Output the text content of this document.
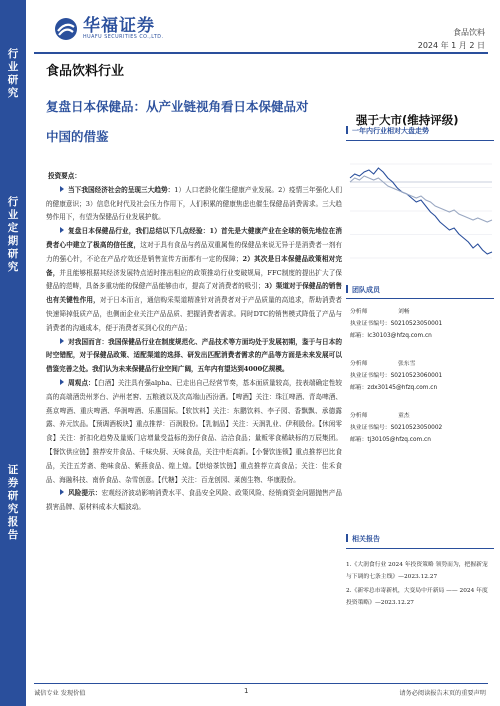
行
业
研
究
行
业
定
期
研
究
证
券
研
究
报
告
华福证券
HUAFU SECURITIES CO.,LTD.
食品饮料
2024 年 1 月 2 日
食品饮料行业
复盘日本保健品：从产业链视角看日本保健品对
中国的借鉴
强于大市(维持评级)
投资要点：

当下我国经济社会的呈现三大趋势：1）人口老龄化催生健康产业发展。2）疫情三年强化人们的健康意识；3）信息化时代及社会压力作用下，人们积累的健康焦虑也催生保健品消费需求。三大趋势作用下，有望为保健品行业发展护航。

复盘日本保健品行业，我们总结以下几点经验：1）首先是大健康产业在全球的领先地位在消费者心中建立了极高的信任度，这对于具有食品与药品双重属性的保健品来说无异于是消费者一剂有力的强心针，不论在产品疗效还是销售宣传方面都有一定的保障；2）其次是日本保健品政策相对完备，并且能够根据其经济发展特点适时推出相应的政策推动行业变破规局，FFC制度的提出扩大了保健品的范畴，具备多重功能的保健产品能够由市，提高了对消费者的吸引；3）渠道对于保健品的销售也有关键性作用，对于日本而言，通信购采渠道精准针对消费者对于产品质量的高追求，帮助消费者快速筛掉低质产品，也侧面企业关注产品品质、把握消费者需求。同时DTC的销售模式降低了产品与消费者的沟通成本，便于消费者买到心仪的产品；

对我国而言：我国保健品行业在制度规范化、产品技术等方面均处于发展初期，鉴于与日本的时空错配，对于保健品政策、适配渠道的选择、研发出匹配消费者需求的产品等方面是未来发展可以借鉴完善之处。我们认为未来保健品行业空间广阔，五年内有望达到4000亿规模。

周观点：【白酒】关注具有强alpha、已走出自己经营节奏，基本面质量较高，技表端确定性较高的高端酒贵州茅台、泸州老窖、五粮液以及次高端山西汾酒。【啤酒】关注：珠江啤酒、青岛啤酒、燕京啤酒、重庆啤酒、华润啤酒、乐惠国际。【软饮料】关注：东鹏饮料、李子园、香飘飘、承德露露、养元饮品。【预调酒板块】重点推荐：百润股份。【乳制品】关注：天润乳业、伊利股份。【休闲零食】关注：折扣化趋势及量贩门店增量受益标的劲仔食品、洽洽食品；量贩零食稀缺标的万辰集团。【餐饮供应链】推荐安井食品、千味央厨、天味食品，关注中炬高新。【小餐饮连锁】重点推荐巴比食品，关注五芳斋、绝味食品、紫燕食品、煌上煌。【烘焙茶饮链】重点推荐立高食品；关注：佳禾食品、海融科技、南侨食品、杂雪创意。【代糖】关注：百龙创园、莱茵生物、华康股份。

风险提示：宏观经济波动影响消费水平、食品安全风险、政策风险、经销商资金问题抛售产品损害品牌、原材料成本大幅波动。

一年内行业相对大盘走势
团队成员
分析师	刘畅
执业证书编号： S0210523050001
邮箱： lc30103@hfzq.com.cn
分析师	张东雪
执业证书编号： S0210523060001
邮箱： zdx30145@hfzq.com.cn
分析师	童杰
执业证书编号： S0210523050002
邮箱： tj30105@hfzq.com.cn
相关报告
1.《大润食行业 2024 年投资策略 领势而为，把握新宠与下调的七条主线》—2023.12.27
2.《新零总市寄新机，大变局中开新局 —— 2024 年度投资策略》—2023.12.27
诚信专业 发现价值	1	请务必阅读报告末页的重要声明
